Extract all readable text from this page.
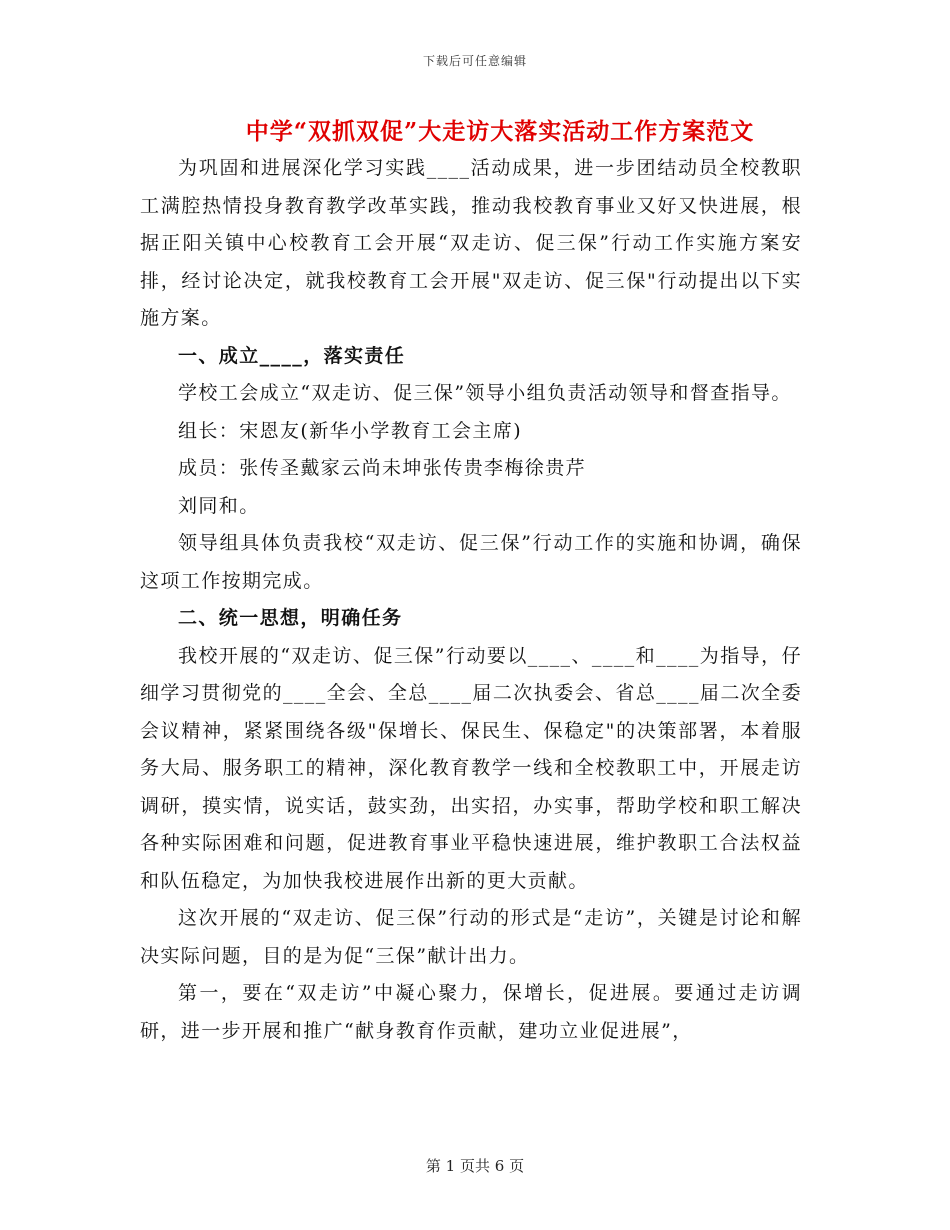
下载后可任意编辑
中学“双抓双促”大走访大落实活动工作方案范文

为巩固和进展深化学习实践____活动成果，进一步团结动员全校教职工满腔热情投身教育教学改革实践，推动我校教育事业又好又快进展，根据正阳关镇中心校教育工会开展“双走访、促三保”行动工作实施方案安排，经讨论决定，就我校教育工会开展"双走访、促三保"行动提出以下实施方案。

一、成立____，落实责任

学校工会成立“双走访、促三保”领导小组负责活动领导和督查指导。

组长：宋恩友(新华小学教育工会主席)

成员：张传圣戴家云尚未坤张传贵李梅徐贵芹

刘同和。

领导组具体负责我校“双走访、促三保”行动工作的实施和协调，确保这项工作按期完成。

二、统一思想，明确任务

我校开展的“双走访、促三保”行动要以____、____和____为指导，仔细学习贯彻党的____全会、全总____届二次执委会、省总____届二次全委会议精神，紧紧围绕各级"保增长、保民生、保稳定"的决策部署，本着服务大局、服务职工的精神，深化教育教学一线和全校教职工中，开展走访调研，摸实情，说实话，鼓实劲，出实招，办实事，帮助学校和职工解决各种实际困难和问题，促进教育事业平稳快速进展，维护教职工合法权益和队伍稳定，为加快我校进展作出新的更大贡献。

这次开展的“双走访、促三保”行动的形式是“走访”，关键是讨论和解决实际问题，目的是为促“三保”献计出力。

第一，要在“双走访”中凝心聚力，保增长，促进展。要通过走访调研，进一步开展和推广“献身教育作贡献，建功立业促进展”，

第 1 页共 6 页
